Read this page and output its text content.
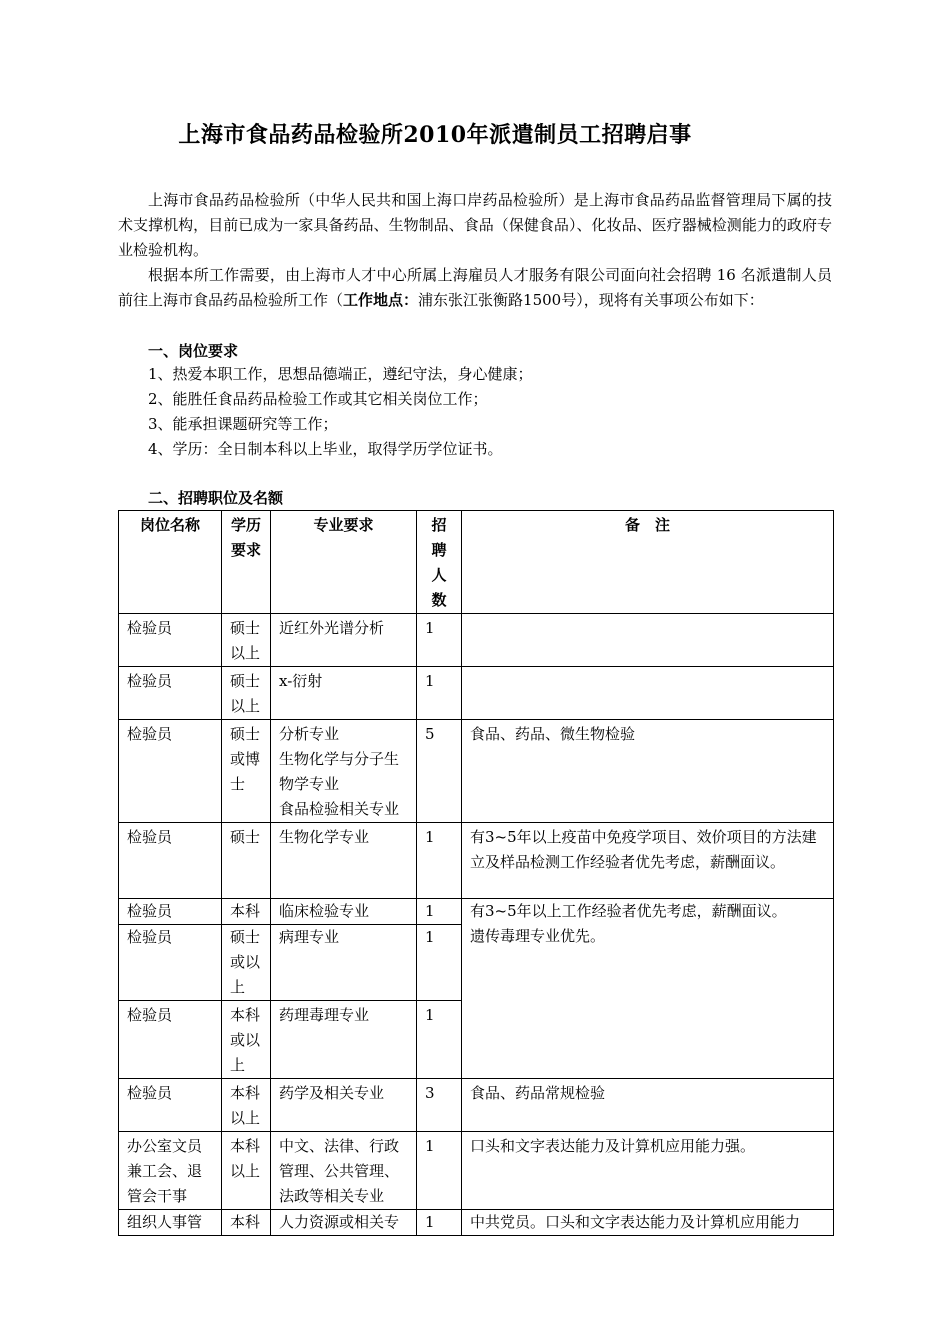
上海市食品药品检验所2010年派遣制员工招聘启事
上海市食品药品检验所（中华人民共和国上海口岸药品检验所）是上海市食品药品监督管理局下属的技术支撑机构，目前已成为一家具备药品、生物制品、食品（保健食品）、化妆品、医疗器械检测能力的政府专业检验机构。
根据本所工作需要，由上海市人才中心所属上海雇员人才服务有限公司面向社会招聘 16 名派遣制人员前往上海市食品药品检验所工作（工作地点：浦东张江张衡路1500号），现将有关事项公布如下：
一、岗位要求
1、热爱本职工作，思想品德端正，遵纪守法，身心健康；
2、能胜任食品药品检验工作或其它相关岗位工作；
3、能承担课题研究等工作；
4、学历：全日制本科以上毕业，取得学历学位证书。
二、招聘职位及名额
岗位名称	学历要求	专业要求	招聘人数	备　注
检验员	硕士以上	近红外光谱分析	1	
检验员	硕士以上	x-衍射	1	
检验员	硕士或博士	分析专业
生物化学与分子生物学专业
食品检验相关专业	5	食品、药品、微生物检验
检验员	硕士	生物化学专业	1	有3~5年以上疫苗中免疫学项目、效价项目的方法建立及样品检测工作经验者优先考虑，薪酬面议。
检验员	本科	临床检验专业	1	有3~5年以上工作经验者优先考虑，薪酬面议。
遗传毒理专业优先。
检验员	硕士或以上	病理专业	1	
检验员	本科或以上	药理毒理专业	1	
检验员	本科以上	药学及相关专业	3	食品、药品常规检验
办公室文员兼工会、退管会干事	本科以上	中文、法律、行政管理、公共管理、法政等相关专业	1	口头和文字表达能力及计算机应用能力强。
组织人事管	本科	人力资源或相关专	1	中共党员。口头和文字表达能力及计算机应用能力
